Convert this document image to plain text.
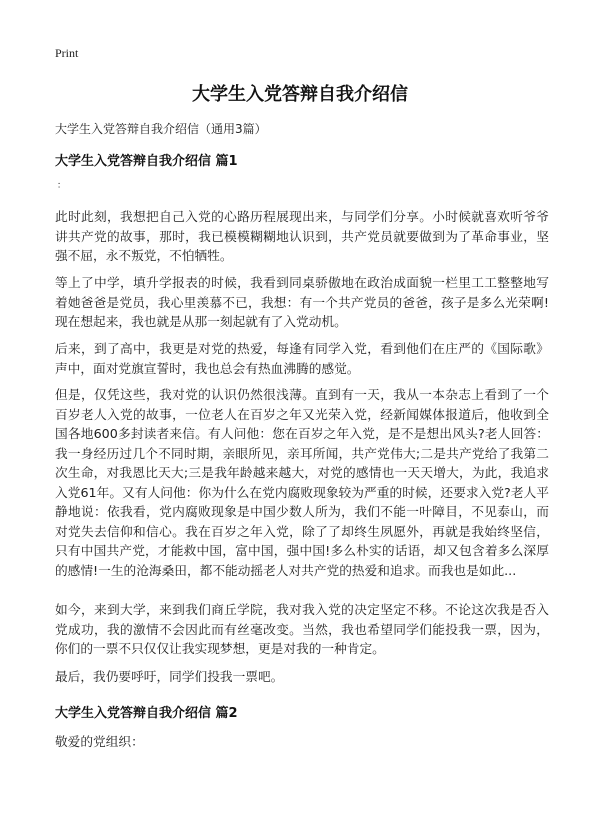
Print
大学生入党答辩自我介绍信

大学生入党答辩自我介绍信（通用3篇）

大学生入党答辩自我介绍信 篇1

：

此时此刻，我想把自己入党的心路历程展现出来，与同学们分享。小时候就喜欢听爷爷讲共产党的故事，那时，我已模模糊糊地认识到，共产党员就要做到为了革命事业，坚强不屈，永不叛党，不怕牺牲。

等上了中学，填升学报表的时候，我看到同桌骄傲地在政治成面貌一栏里工工整整地写着她爸爸是党员，我心里羡慕不已，我想：有一个共产党员的爸爸，孩子是多么光荣啊!现在想起来，我也就是从那一刻起就有了入党动机。

后来，到了高中，我更是对党的热爱，每逢有同学入党，看到他们在庄严的《国际歌》声中，面对党旗宣誓时，我也总会有热血沸腾的感觉。

但是，仅凭这些，我对党的认识仍然很浅薄。直到有一天，我从一本杂志上看到了一个百岁老人入党的故事，一位老人在百岁之年又光荣入党，经新闻媒体报道后，他收到全国各地600多封读者来信。有人问他：您在百岁之年入党，是不是想出风头?老人回答：我一身经历过几个不同时期，亲眼所见，亲耳所闻，共产党伟大;二是共产党给了我第二次生命，对我恩比天大;三是我年龄越来越大，对党的感情也一天天增大，为此，我追求入党61年。又有人问他：你为什么在党内腐败现象较为严重的时候，还要求入党?老人平静地说：依我看，党内腐败现象是中国少数人所为，我们不能一叶障目，不见泰山，而对党失去信仰和信心。我在百岁之年入党，除了了却终生夙愿外，再就是我始终坚信，只有中国共产党，才能救中国，富中国，强中国!多么朴实的话语，却又包含着多么深厚的感情!一生的沧海桑田，都不能动摇老人对共产党的热爱和追求。而我也是如此...

如今，来到大学，来到我们商丘学院，我对我入党的决定坚定不移。不论这次我是否入党成功，我的激情不会因此而有丝毫改变。当然，我也希望同学们能投我一票，因为，你们的一票不只仅仅让我实现梦想，更是对我的一种肯定。

最后，我仍要呼吁，同学们投我一票吧。

大学生入党答辩自我介绍信 篇2

敬爱的党组织：
